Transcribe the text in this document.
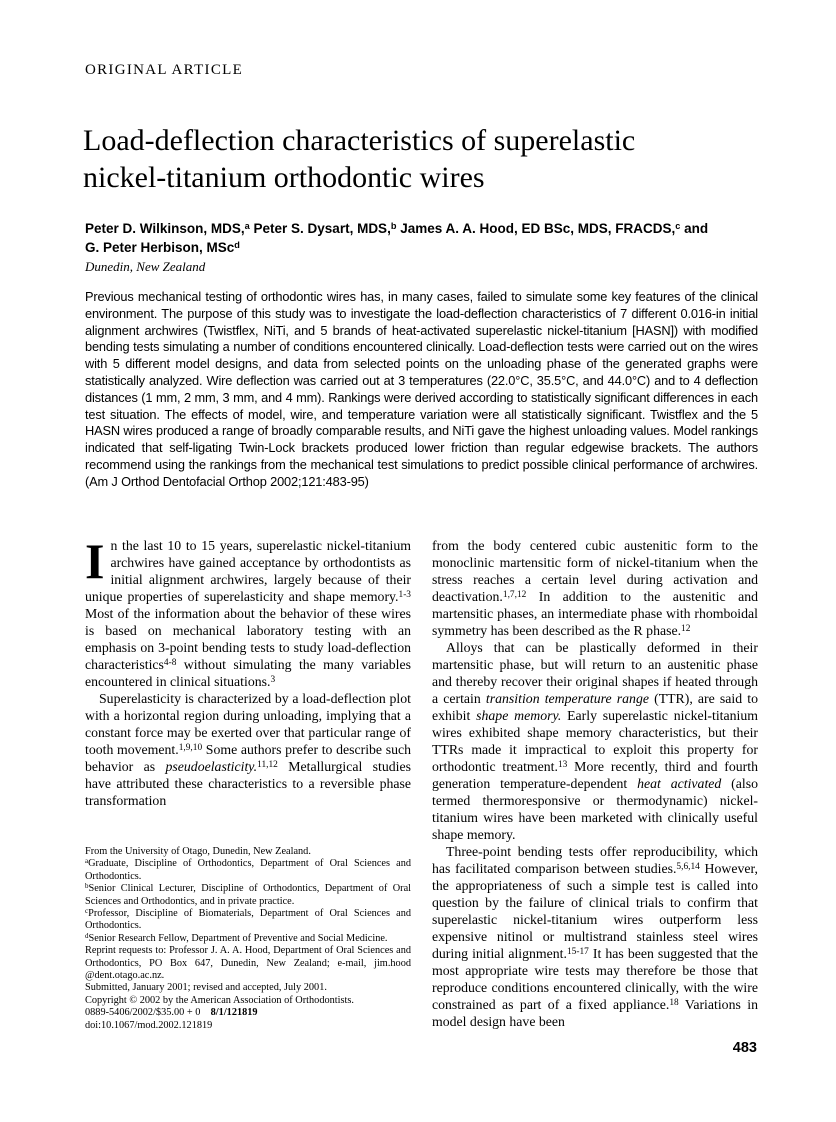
ORIGINAL ARTICLE
Load-deflection characteristics of superelastic
nickel-titanium orthodontic wires
Peter D. Wilkinson, MDS,$^a$ Peter S. Dysart, MDS,$^b$ James A. A. Hood, ED BSc, MDS, FRACDS,$^c$ and
G. Peter Herbison, MSc$^d$
Dunedin, New Zealand

Previous mechanical testing of orthodontic wires has, in many cases, failed to simulate some key features of the clinical environment. The purpose of this study was to investigate the load-deflection characteristics of 7 different 0.016-in initial alignment archwires (Twistflex, NiTi, and 5 brands of heat-activated superelastic nickel-titanium [HASN]) with modified bending tests simulating a number of conditions encountered clinically. Load-deflection tests were carried out on the wires with 5 different model designs, and data from selected points on the unloading phase of the generated graphs were statistically analyzed. Wire deflection was carried out at 3 temperatures (22.0°C, 35.5°C, and 44.0°C) and to 4 deflection distances (1 mm, 2 mm, 3 mm, and 4 mm). Rankings were derived according to statistically significant differences in each test situation. The effects of model, wire, and temperature variation were all statistically significant. Twistflex and the 5 HASN wires produced a range of broadly comparable results, and NiTi gave the highest unloading values. Model rankings indicated that self-ligating Twin-Lock brackets produced lower friction than regular edgewise brackets. The authors recommend using the rankings from the mechanical test simulations to predict possible clinical performance of archwires. (Am J Orthod Dentofacial Orthop 2002;121:483-95)

In the last 10 to 15 years, superelastic nickel-titanium archwires have gained acceptance by orthodontists as initial alignment archwires, largely because of their unique properties of superelasticity and shape memory.$^{1-3}$ Most of the information about the behavior of these wires is based on mechanical laboratory testing with an emphasis on 3-point bending tests to study load-deflection characteristics$^{4-8}$ without simulating the many variables encountered in clinical situations.$^3$

Superelasticity is characterized by a load-deflection plot with a horizontal region during unloading, implying that a constant force may be exerted over that particular range of tooth movement.$^{1,9,10}$ Some authors prefer to describe such behavior as pseudoelasticity.$^{11,12}$ Metallurgical studies have attributed these characteristics to a reversible phase transformation

From the University of Otago, Dunedin, New Zealand.

$^a$Graduate, Discipline of Orthodontics, Department of Oral Sciences and Orthodontics.

$^b$Senior Clinical Lecturer, Discipline of Orthodontics, Department of Oral Sciences and Orthodontics, and in private practice.

$^c$Professor, Discipline of Biomaterials, Department of Oral Sciences and Orthodontics.

$^d$Senior Research Fellow, Department of Preventive and Social Medicine.

Reprint requests to: Professor J. A. A. Hood, Department of Oral Sciences and Orthodontics, PO Box 647, Dunedin, New Zealand; e-mail, jim.hood @dent.otago.ac.nz.

Submitted, January 2001; revised and accepted, July 2001.

Copyright © 2002 by the American Association of Orthodontists.

0889-5406/2002/$35.00 + 0  8/1/121819

doi:10.1067/mod.2002.121819

from the body centered cubic austenitic form to the monoclinic martensitic form of nickel-titanium when the stress reaches a certain level during activation and deactivation.$^{1,7,12}$ In addition to the austenitic and martensitic phases, an intermediate phase with rhomboidal symmetry has been described as the R phase.$^{12}$

Alloys that can be plastically deformed in their martensitic phase, but will return to an austenitic phase and thereby recover their original shapes if heated through a certain transition temperature range (TTR), are said to exhibit shape memory. Early superelastic nickel-titanium wires exhibited shape memory characteristics, but their TTRs made it impractical to exploit this property for orthodontic treatment.$^{13}$ More recently, third and fourth generation temperature-dependent heat activated (also termed thermoresponsive or thermodynamic) nickel-titanium wires have been marketed with clinically useful shape memory.

Three-point bending tests offer reproducibility, which has facilitated comparison between studies.$^{5,6,14}$ However, the appropriateness of such a simple test is called into question by the failure of clinical trials to confirm that superelastic nickel-titanium wires outperform less expensive nitinol or multistrand stainless steel wires during initial alignment.$^{15-17}$ It has been suggested that the most appropriate wire tests may therefore be those that reproduce conditions encountered clinically, with the wire constrained as part of a fixed appliance.$^{18}$ Variations in model design have been

483
